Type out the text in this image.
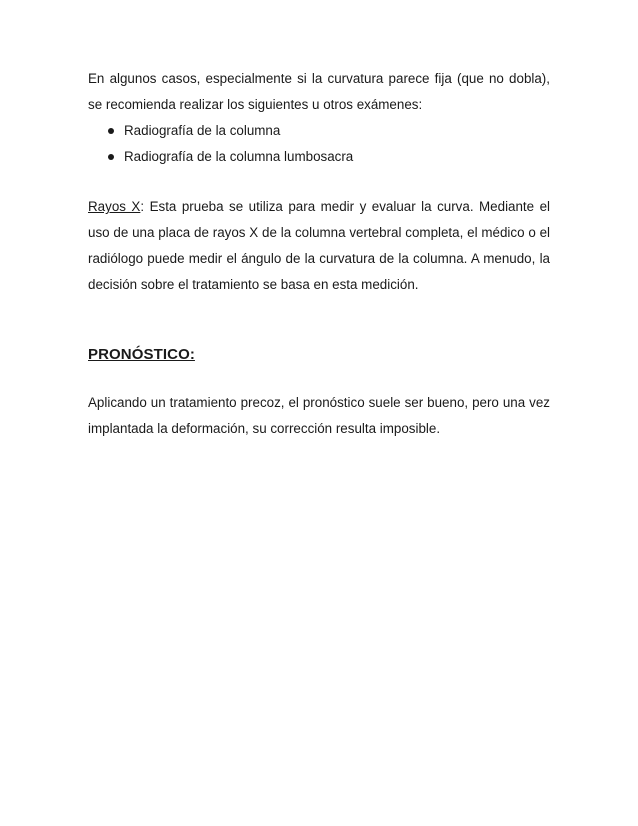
En algunos casos, especialmente si la curvatura parece fija (que no dobla), se recomienda realizar los siguientes u otros exámenes:

Radiografía de la columna
Radiografía de la columna lumbosacra

Rayos X: Esta prueba se utiliza para medir y evaluar la curva. Mediante el uso de una placa de rayos X de la columna vertebral completa, el médico o el radiólogo puede medir el ángulo de la curvatura de la columna. A menudo, la decisión sobre el tratamiento se basa en esta medición.

PRONÓSTICO:

Aplicando un tratamiento precoz, el pronóstico suele ser bueno, pero una vez implantada la deformación, su corrección resulta imposible.
